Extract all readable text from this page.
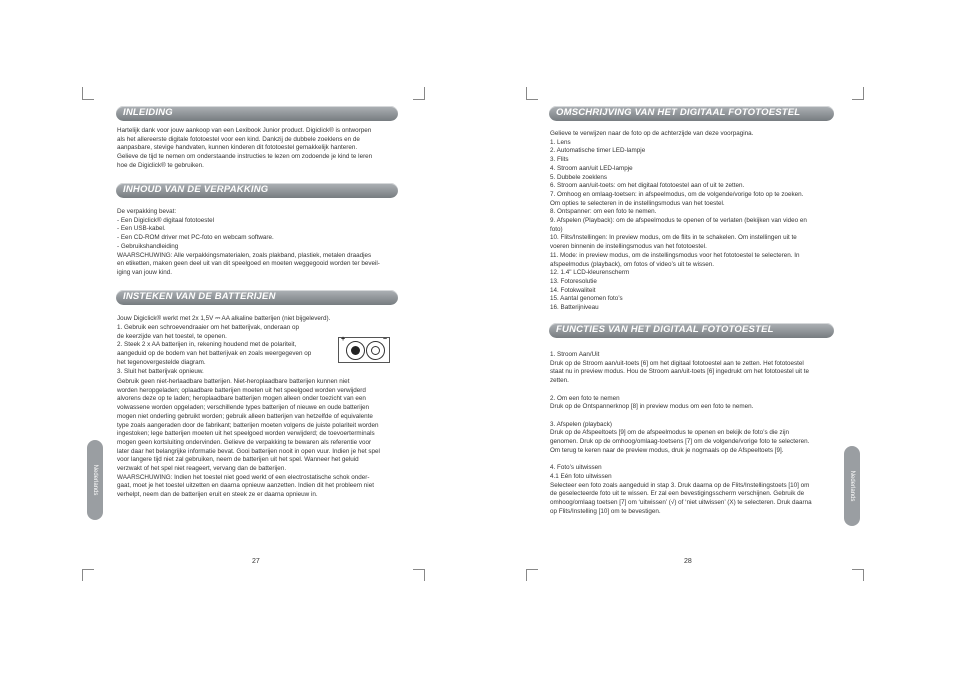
INLEIDING

Hartelijk dank voor jouw aankoop van een Lexibook Junior product. Digiclick® is ontworpen

als het allereerste digitale fototoestel voor een kind. Dankzij de dubbele zoeklens en de

aanpasbare, stevige handvaten, kunnen kinderen dit fototoestel gemakkelijk hanteren.

Gelieve de tijd te nemen om onderstaande instructies te lezen om zodoende je kind te leren

hoe de Digiclick® te gebruiken.

INHOUD VAN DE VERPAKKING

De verpakking bevat:

- Een Digiclick® digitaal fototoestel

- Een USB-kabel.

- Een CD-ROM driver met PC-foto en webcam software.

- Gebruikshandleiding

WAARSCHUWING: Alle verpakkingsmaterialen, zoals plakband, plastiek, metalen draadjes

en etiketten, maken geen deel uit van dit speelgoed en moeten weggegooid worden ter beveil-

iging van jouw kind.

INSTEKEN VAN DE BATTERIJEN

Jouw Digiclick® werkt met 2x 1,5V ⎓ AA alkaline batterijen (niet bijgeleverd).

1. Gebruik een schroevendraaier om het batterijvak, onderaan op

de keerzijde van het toestel, te openen.

2. Steek 2 x AA batterijen in, rekening houdend met de polariteit,

aangeduid op de bodem van het batterijvak en zoals weergegeven op

het tegenovergestelde diagram.

3. Sluit het batterijvak opnieuw.

+	−

Gebruik geen niet-herlaadbare batterijen. Niet-heroplaadbare batterijen kunnen niet

worden heropgeladen; oplaadbare batterijen moeten uit het speelgoed worden verwijderd

alvorens deze op te laden; heroplaadbare batterijen mogen alleen onder toezicht van een

volwassene worden opgeladen; verschillende types batterijen of nieuwe en oude batterijen

mogen niet onderling gebruikt worden; gebruik alleen batterijen van hetzelfde of equivalente

type zoals aangeraden door de fabrikant; batterijen moeten volgens de juiste polariteit worden

ingestoken; lege batterijen moeten uit het speelgoed worden verwijderd; de toevoerterminals

mogen geen kortsluiting ondervinden. Gelieve de verpakking te bewaren als referentie voor

later daar het belangrijke informatie bevat. Gooi batterijen nooit in open vuur. Indien je het spel

voor langere tijd niet zal gebruiken, neem de batterijen uit het spel. Wanneer het geluid

verzwakt of het spel niet reageert, vervang dan de batterijen.

WAARSCHUWING: Indien het toestel niet goed werkt of een electrostatische schok onder-

gaat, moet je het toestel uitzetten en daarna opnieuw aanzetten. Indien dit het probleem niet

verhelpt, neem dan de batterijen eruit en steek ze er daarna opnieuw in.

Nederlands
27
OMSCHRIJVING VAN HET DIGITAAL FOTOTOESTEL

Gelieve te verwijzen naar de foto op de achterzijde van deze voorpagina.

1. Lens

2. Automatische timer LED-lampje

3. Flits

4. Stroom aan/uit LED-lampje

5. Dubbele zoeklens

6. Stroom aan/uit-toets: om het digitaal fototoestel aan of uit te zetten.

7. Omhoog en omlaag-toetsen: in afspeelmodus, om de volgende/vorige foto op te zoeken.

Om opties te selecteren in de instellingsmodus van het toestel.

8. Ontspanner: om een foto te nemen.

9. Afspelen (Playback): om de afspeelmodus te openen of te verlaten (bekijken van video en

foto)

10. Flits/Instellingen: In preview modus, om de flits in te schakelen. Om instellingen uit te

voeren binnenin de instellingsmodus van het fototoestel.

11. Mode: in preview modus, om de instellingsmodus voor het fototoestel te selecteren. In

afspeelmodus (playback), om fotos of video’s uit te wissen.

12. 1.4" LCD-kleurenscherm

13. Fotoresolutie

14. Fotokwaliteit

15. Aantal genomen foto’s

16. Batterijniveau

FUNCTIES VAN HET DIGITAAL FOTOTOESTEL

1. Stroom Aan/Uit

Druk op de Stroom aan/uit-toets [6] om het digitaal fototoestel aan te zetten. Het fototoestel

staat nu in preview modus. Hou de Stroom aan/uit-toets [6] ingedrukt om het fototoestel uit te

zetten.

2. Om een foto te nemen

Druk op de Ontspannerknop [8] in preview modus om een foto te nemen.

3. Afspelen (playback)

Druk op de Afspeeltoets [9] om de afspeelmodus te openen en bekijk de foto’s die zijn

genomen. Druk op de omhoog/omlaag-toetsens [7] om de volgende/vorige foto te selecteren.

Om terug te keren naar de preview modus, druk je nogmaals op de Afspeeltoets [9].

4. Foto’s uitwissen

4.1 Eén foto uitwissen

Selecteer een foto zoals aangeduid in stap 3. Druk daarna op de Flits/Instellingstoets [10] om

de geselecteerde foto uit te wissen. Er zal een bevestigingsscherm verschijnen. Gebruik de

omhoog/omlaag toetsen [7] om ‘uitwissen’ (√) of ‘niet uitwissen’ (X) te selecteren. Druk daarna

op Flits/Instelling [10] om te bevestigen.

Nederlands
28
